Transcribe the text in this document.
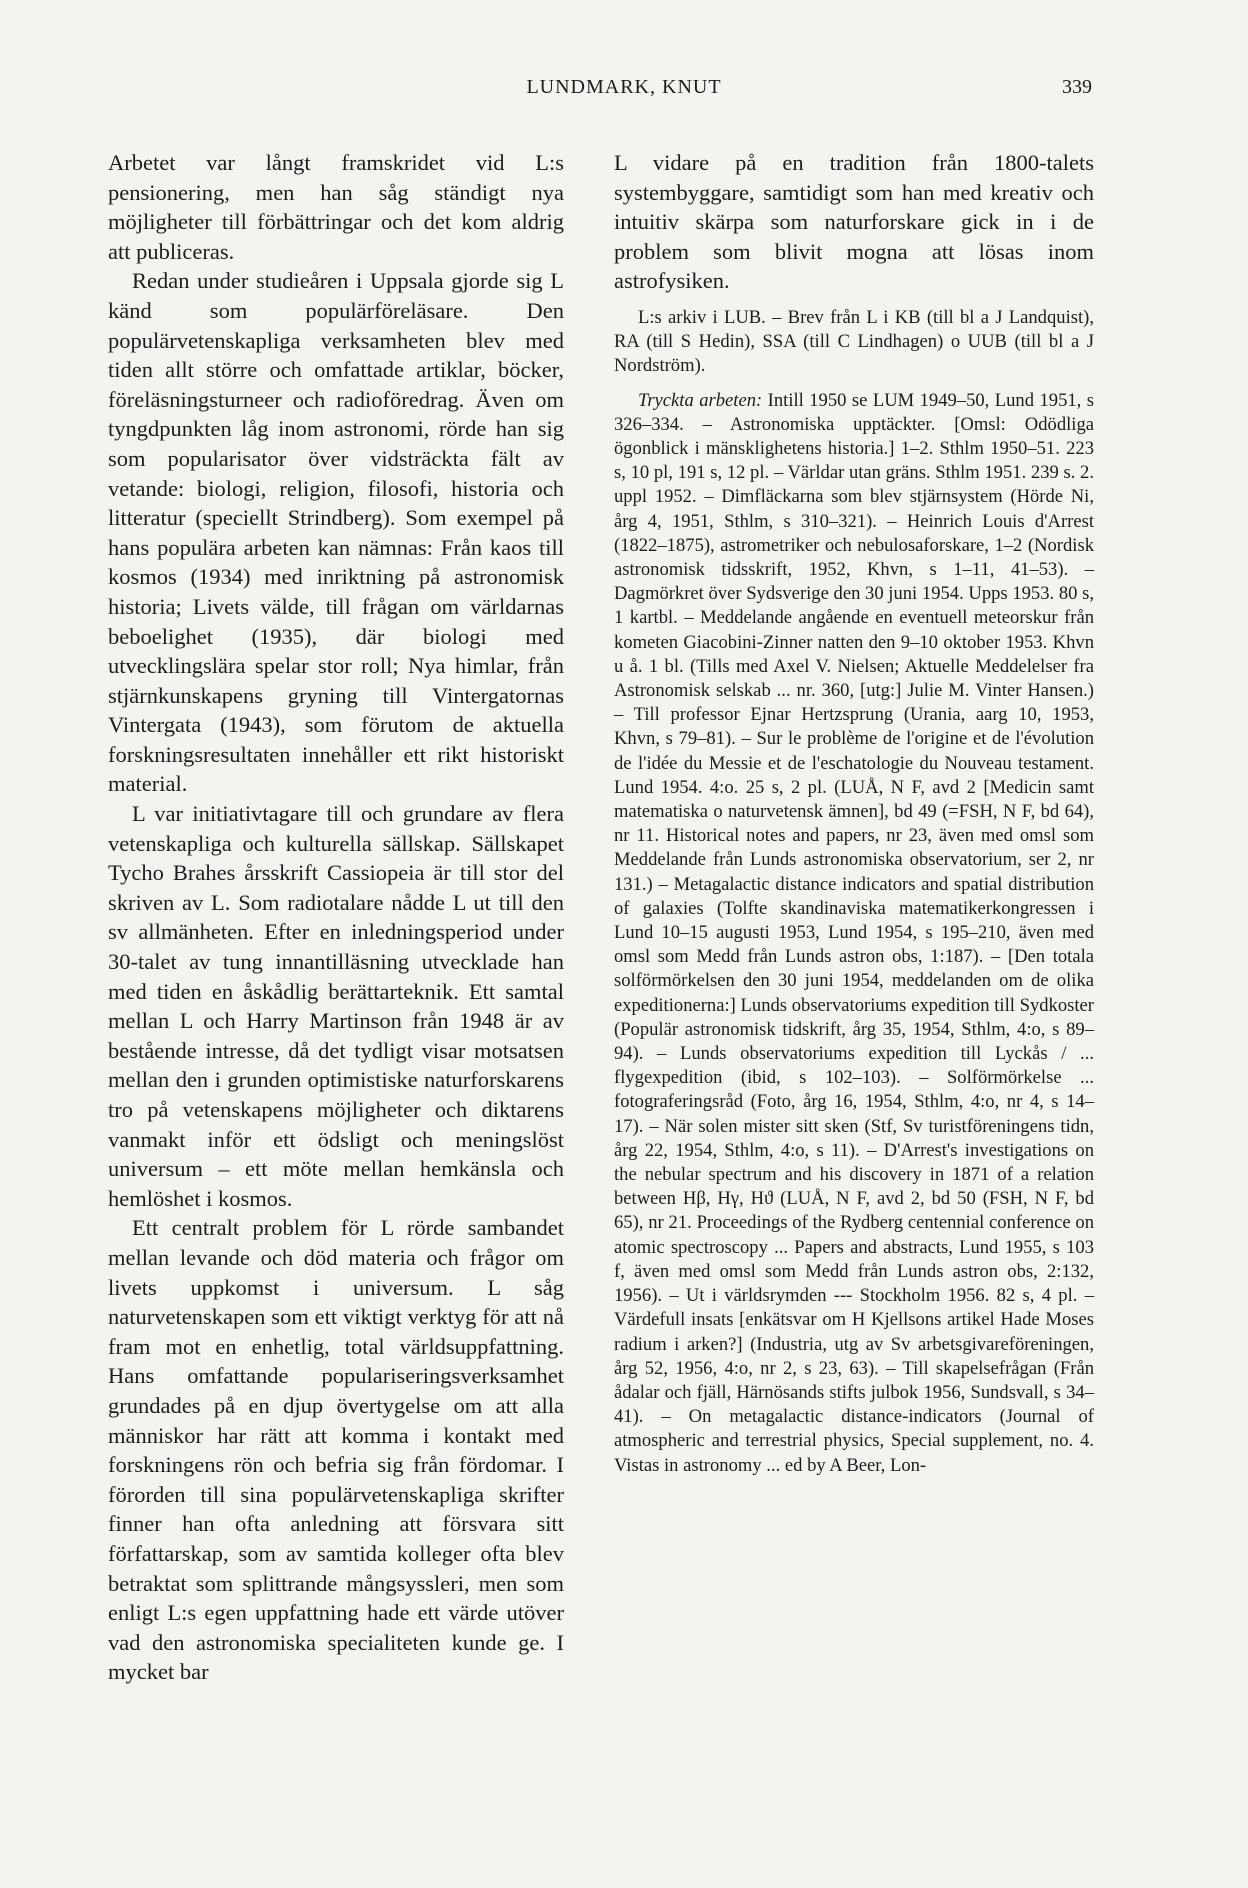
LUNDMARK, KNUT	339

Arbetet var långt framskridet vid L:s pensionering, men han såg ständigt nya möjligheter till förbättringar och det kom aldrig att publiceras.

Redan under studieåren i Uppsala gjorde sig L känd som populärföreläsare. Den populärvetenskapliga verksamheten blev med tiden allt större och omfattade artiklar, böcker, föreläsningsturneer och radioföredrag. Även om tyngdpunkten låg inom astronomi, rörde han sig som popularisator över vidsträckta fält av vetande: biologi, religion, filosofi, historia och litteratur (speciellt Strindberg). Som exempel på hans populära arbeten kan nämnas: Från kaos till kosmos (1934) med inriktning på astronomisk historia; Livets välde, till frågan om världarnas beboelighet (1935), där biologi med utvecklingslära spelar stor roll; Nya himlar, från stjärnkunskapens gryning till Vintergatornas Vintergata (1943), som förutom de aktuella forskningsresultaten innehåller ett rikt historiskt material.

L var initiativtagare till och grundare av flera vetenskapliga och kulturella sällskap. Sällskapet Tycho Brahes årsskrift Cassiopeia är till stor del skriven av L. Som radiotalare nådde L ut till den sv allmänheten. Efter en inledningsperiod under 30-talet av tung innantilläsning utvecklade han med tiden en åskådlig berättarteknik. Ett samtal mellan L och Harry Martinson från 1948 är av bestående intresse, då det tydligt visar motsatsen mellan den i grunden optimistiske naturforskarens tro på vetenskapens möjligheter och diktarens vanmakt inför ett ödsligt och meningslöst universum – ett möte mellan hemkänsla och hemlöshet i kosmos.

Ett centralt problem för L rörde sambandet mellan levande och död materia och frågor om livets uppkomst i universum. L såg naturvetenskapen som ett viktigt verktyg för att nå fram mot en enhetlig, total världsuppfattning. Hans omfattande populariseringsverksamhet grundades på en djup övertygelse om att alla människor har rätt att komma i kontakt med forskningens rön och befria sig från fördomar. I förorden till sina populärvetenskapliga skrifter finner han ofta anledning att försvara sitt författarskap, som av samtida kolleger ofta blev betraktat som splittrande mångsyssleri, men som enligt L:s egen uppfattning hade ett värde utöver vad den astronomiska specialiteten kunde ge. I mycket bar

L vidare på en tradition från 1800-talets systembyggare, samtidigt som han med kreativ och intuitiv skärpa som naturforskare gick in i de problem som blivit mogna att lösas inom astrofysiken.

L:s arkiv i LUB. – Brev från L i KB (till bl a J Landquist), RA (till S Hedin), SSA (till C Lindhagen) o UUB (till bl a J Nordström).

Tryckta arbeten: Intill 1950 se LUM 1949–50, Lund 1951, s 326–334. – Astronomiska upptäckter. [Omsl: Odödliga ögonblick i mänsklighetens historia.] 1–2. Sthlm 1950–51. 223 s, 10 pl, 191 s, 12 pl. – Världar utan gräns. Sthlm 1951. 239 s. 2. uppl 1952. – Dimfläckarna som blev stjärnsystem (Hörde Ni, årg 4, 1951, Sthlm, s 310–321). – Heinrich Louis d'Arrest (1822–1875), astrometriker och nebulosaforskare, 1–2 (Nordisk astronomisk tidsskrift, 1952, Khvn, s 1–11, 41–53). – Dagmörkret över Sydsverige den 30 juni 1954. Upps 1953. 80 s, 1 kartbl. – Meddelande angående en eventuell meteorskur från kometen Giacobini-Zinner natten den 9–10 oktober 1953. Khvn u å. 1 bl. (Tills med Axel V. Nielsen; Aktuelle Meddelelser fra Astronomisk selskab ... nr. 360, [utg:] Julie M. Vinter Hansen.) – Till professor Ejnar Hertzsprung (Urania, aarg 10, 1953, Khvn, s 79–81). – Sur le problème de l'origine et de l'évolution de l'idée du Messie et de l'eschatologie du Nouveau testament. Lund 1954. 4:o. 25 s, 2 pl. (LUÅ, N F, avd 2 [Medicin samt matematiska o naturvetensk ämnen], bd 49 (=FSH, N F, bd 64), nr 11. Historical notes and papers, nr 23, även med omsl som Meddelande från Lunds astronomiska observatorium, ser 2, nr 131.) – Metagalactic distance indicators and spatial distribution of galaxies (Tolfte skandinaviska matematikerkongressen i Lund 10–15 augusti 1953, Lund 1954, s 195–210, även med omsl som Medd från Lunds astron obs, 1:187). – [Den totala solförmörkelsen den 30 juni 1954, meddelanden om de olika expeditionerna:] Lunds observatoriums expedition till Sydkoster (Populär astronomisk tidskrift, årg 35, 1954, Sthlm, 4:o, s 89–94). – Lunds observatoriums expedition till Lyckås / ... flygexpedition (ibid, s 102–103). – Solförmörkelse ... fotograferingsråd (Foto, årg 16, 1954, Sthlm, 4:o, nr 4, s 14–17). – När solen mister sitt sken (Stf, Sv turistföreningens tidn, årg 22, 1954, Sthlm, 4:o, s 11). – D'Arrest's investigations on the nebular spectrum and his discovery in 1871 of a relation between Hβ, Hγ, Hϑ (LUÅ, N F, avd 2, bd 50 (FSH, N F, bd 65), nr 21. Proceedings of the Rydberg centennial conference on atomic spectroscopy ... Papers and abstracts, Lund 1955, s 103 f, även med omsl som Medd från Lunds astron obs, 2:132, 1956). – Ut i världsrymden --- Stockholm 1956. 82 s, 4 pl. – Värdefull insats [enkätsvar om H Kjellsons artikel Hade Moses radium i arken?] (Industria, utg av Sv arbetsgivareföreningen, årg 52, 1956, 4:o, nr 2, s 23, 63). – Till skapelsefrågan (Från ådalar och fjäll, Härnösands stifts julbok 1956, Sundsvall, s 34–41). – On metagalactic distance-indicators (Journal of atmospheric and terrestrial physics, Special supplement, no. 4. Vistas in astronomy ... ed by A Beer, Lon-
